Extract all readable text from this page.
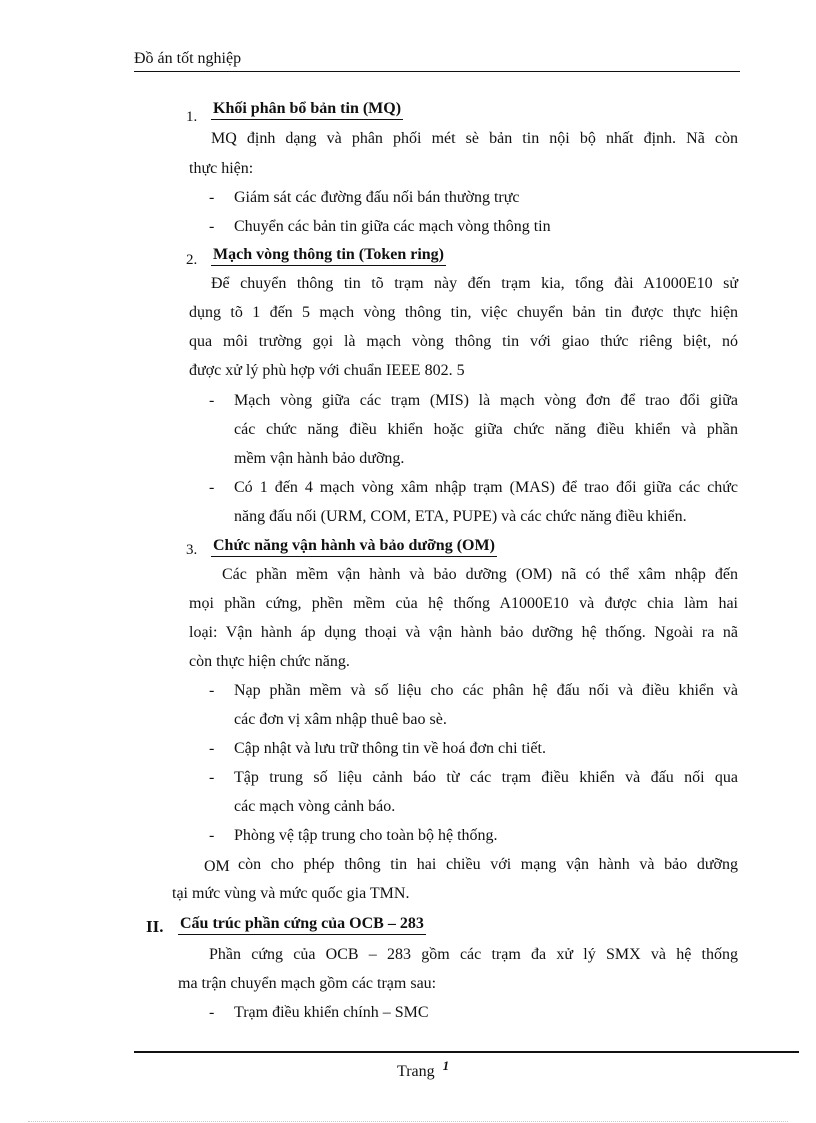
Đồ án tốt nghiệp
1. Khối phân bổ bản tin (MQ)
MQ định dạng và phân phối mét sè bản tin nội bộ nhất định. Nã còn
thực hiện:
- Giám sát các đường đấu nối bán thường trực
- Chuyển các bản tin giữa các mạch vòng thông tin
2. Mạch vòng thông tin (Token ring)
Để chuyển thông tin tõ trạm này đến trạm kia, tổng đài A1000E10 sử
dụng tõ 1 đến 5 mạch vòng thông tin, việc chuyển bản tin được thực hiện
qua môi trường gọi là mạch vòng thông tin với giao thức riêng biệt, nó
được xử lý phù hợp với chuẩn IEEE 802. 5
- Mạch vòng giữa các trạm (MIS) là mạch vòng đơn để trao đổi giữa
các chức năng điều khiển hoặc giữa chức năng điều khiển và phần
mềm vận hành bảo dưỡng.
- Có 1 đến 4 mạch vòng xâm nhập trạm (MAS) để trao đổi giữa các chức
năng đấu nối (URM, COM, ETA, PUPE) và các chức năng điều khiển.
3. Chức năng vận hành và bảo dưỡng (OM)
Các phần mềm vận hành và bảo dưỡng (OM) nã có thể xâm nhập đến
mọi phần cứng, phền mềm của hệ thống A1000E10 và được chia làm hai
loại: Vận hành áp dụng thoại và vận hành bảo dưỡng hệ thống. Ngoài ra nã
còn thực hiện chức năng.
- Nạp phần mềm và số liệu cho các phân hệ đấu nối và điều khiển và
các đơn vị xâm nhập thuê bao sè.
- Cập nhật và lưu trữ thông tin về hoá đơn chi tiết.
- Tập trung số liệu cảnh báo từ các trạm điều khiển và đấu nối qua
các mạch vòng cảnh báo.
- Phòng vệ tập trung cho toàn bộ hệ thống.
OM còn cho phép thông tin hai chiều với mạng vận hành và bảo dưỡng
tại mức vùng và mức quốc gia TMN.
II. Cấu trúc phần cứng của OCB – 283
Phần cứng của OCB – 283 gồm các trạm đa xử lý SMX và hệ thống
ma trận chuyển mạch gồm các trạm sau:
- Trạm điều khiển chính – SMC
Trang $^1$
